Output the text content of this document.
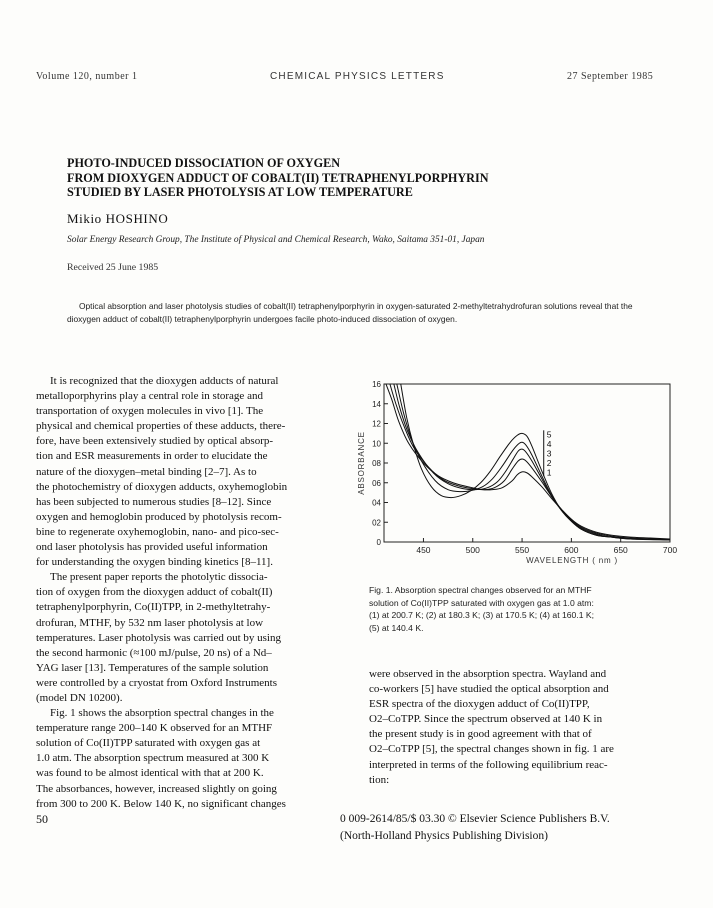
Volume 120, number 1	CHEMICAL PHYSICS LETTERS	27 September 1985
PHOTO-INDUCED DISSOCIATION OF OXYGEN
FROM DIOXYGEN ADDUCT OF COBALT(II) TETRAPHENYLPORPHYRIN
STUDIED BY LASER PHOTOLYSIS AT LOW TEMPERATURE
Mikio HOSHINO
Solar Energy Research Group, The Institute of Physical and Chemical Research, Wako, Saitama 351-01, Japan
Received 25 June 1985
Optical absorption and laser photolysis studies of cobalt(II) tetraphenylporphyrin in oxygen-saturated 2-methyltetrahydrofuran solutions reveal that the dioxygen adduct of cobalt(II) tetraphenylporphyrin undergoes facile photo-induced dissociation of oxygen.
It is recognized that the dioxygen adducts of natural
metalloporphyrins play a central role in storage and
transportation of oxygen molecules in vivo [1]. The
physical and chemical properties of these adducts, there-
fore, have been extensively studied by optical absorp-
tion and ESR measurements in order to elucidate the
nature of the dioxygen–metal binding [2–7]. As to
the photochemistry of dioxygen adducts, oxyhemoglobin
has been subjected to numerous studies [8–12]. Since
oxygen and hemoglobin produced by photolysis recom-
bine to regenerate oxyhemoglobin, nano- and pico-sec-
ond laser photolysis has provided useful information
for understanding the oxygen binding kinetics [8–11].
The present paper reports the photolytic dissocia-
tion of oxygen from the dioxygen adduct of cobalt(II)
tetraphenylporphyrin, Co(II)TPP, in 2-methyltetrahy-
drofuran, MTHF, by 532 nm laser photolysis at low
temperatures. Laser photolysis was carried out by using
the second harmonic (≈100 mJ/pulse, 20 ns) of a Nd–
YAG laser [13]. Temperatures of the sample solution
were controlled by a cryostat from Oxford Instruments
(model DN 10200).
Fig. 1 shows the absorption spectral changes in the
temperature range 200–140 K observed for an MTHF
solution of Co(II)TPP saturated with oxygen gas at
1.0 atm. The absorption spectrum measured at 300 K
was found to be almost identical with that at 200 K.
The absorbances, however, increased slightly on going
from 300 to 200 K. Below 140 K, no significant changes
were observed in the absorption spectra. Wayland and
co-workers [5] have studied the optical absorption and
ESR spectra of the dioxygen adduct of Co(II)TPP,
O2–CoTPP. Since the spectrum observed at 140 K in
the present study is in good agreement with that of
O2–CoTPP [5], the spectral changes shown in fig. 1 are
interpreted in terms of the following equilibrium reac-
tion:
450	500	550	600	650	700
0
02
04
06
08
10
12
14
16
WAVELENGTH ( nm )
ABSORBANCE	5
4
3
2
1
Fig. 1. Absorption spectral changes observed for an MTHF
solution of Co(II)TPP saturated with oxygen gas at 1.0 atm:
(1) at 200.7 K; (2) at 180.3 K; (3) at 170.5 K; (4) at 160.1 K;
(5) at 140.4 K.
50	0 009-2614/85/$ 03.30 © Elsevier Science Publishers B.V.
(North-Holland Physics Publishing Division)
